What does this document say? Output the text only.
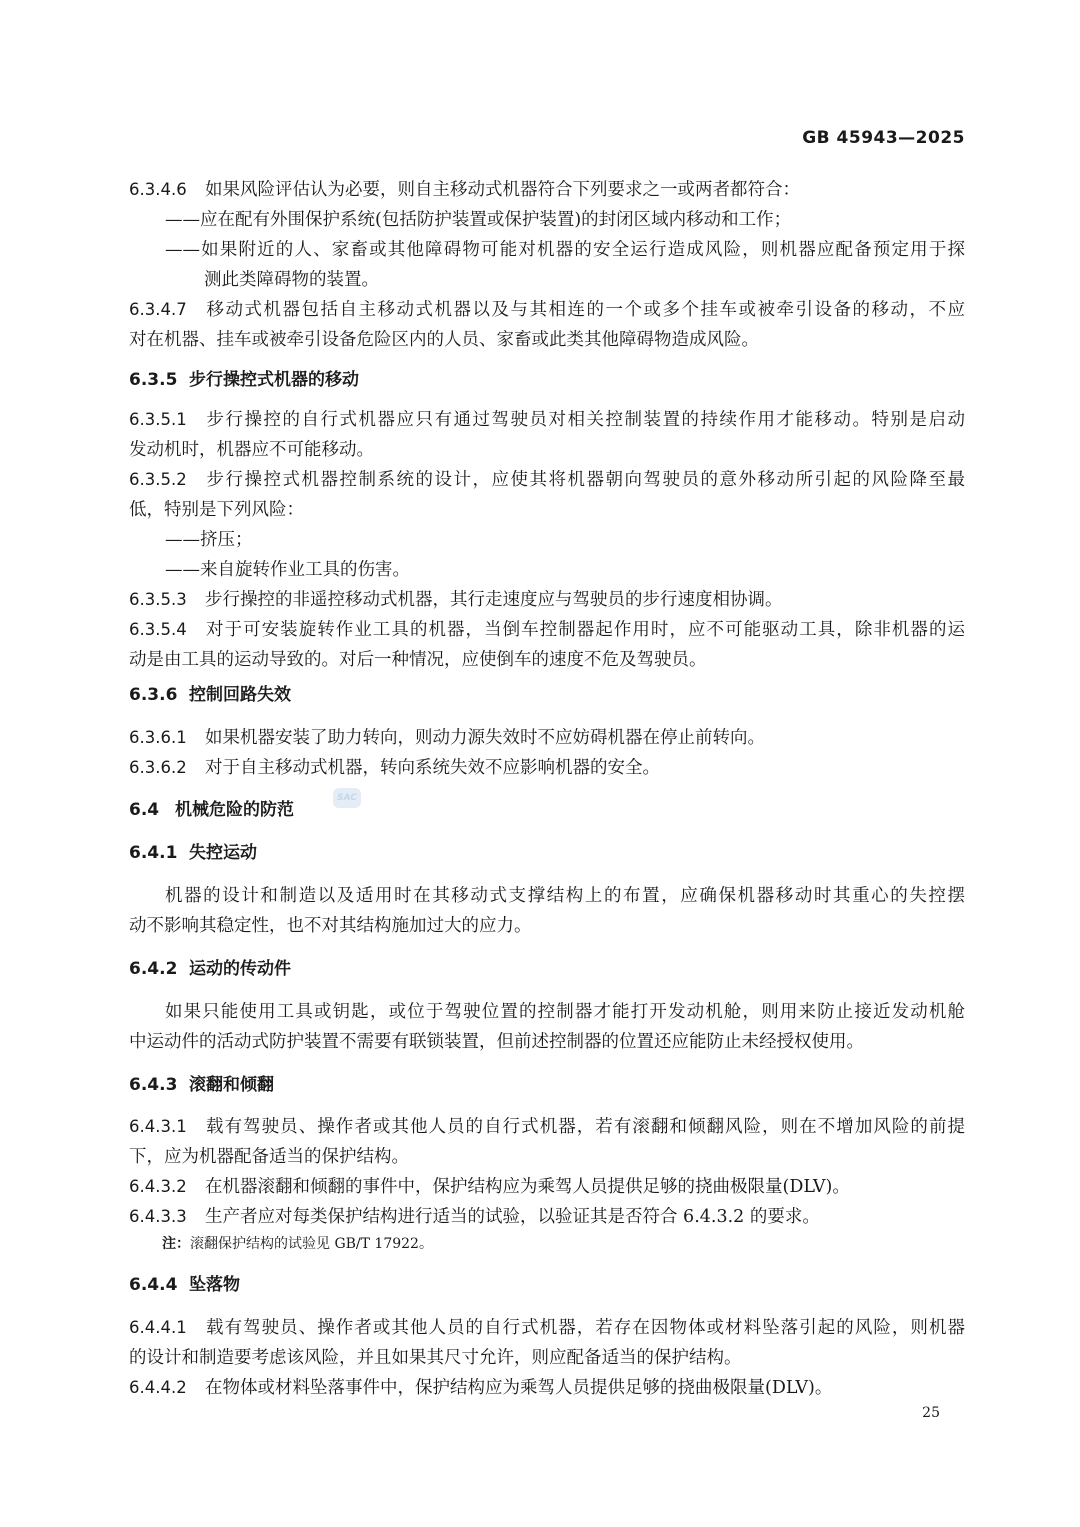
GB 45943—2025
SAC
6.3.4.6 如果风险评估认为必要，则自主移动式机器符合下列要求之一或两者都符合：
——应在配有外围保护系统(包括防护装置或保护装置)的封闭区域内移动和工作；
——如果附近的人、家畜或其他障碍物可能对机器的安全运行造成风险，则机器应配备预定用于探
测此类障碍物的装置。
6.3.4.7 移动式机器包括自主移动式机器以及与其相连的一个或多个挂车或被牵引设备的移动，不应
对在机器、挂车或被牵引设备危险区内的人员、家畜或此类其他障碍物造成风险。
6.3.5 步行操控式机器的移动
6.3.5.1 步行操控的自行式机器应只有通过驾驶员对相关控制装置的持续作用才能移动。特别是启动
发动机时，机器应不可能移动。
6.3.5.2 步行操控式机器控制系统的设计，应使其将机器朝向驾驶员的意外移动所引起的风险降至最
低，特别是下列风险：
——挤压；
——来自旋转作业工具的伤害。
6.3.5.3 步行操控的非遥控移动式机器，其行走速度应与驾驶员的步行速度相协调。
6.3.5.4 对于可安装旋转作业工具的机器，当倒车控制器起作用时，应不可能驱动工具，除非机器的运
动是由工具的运动导致的。对后一种情况，应使倒车的速度不危及驾驶员。
6.3.6 控制回路失效
6.3.6.1 如果机器安装了助力转向，则动力源失效时不应妨碍机器在停止前转向。
6.3.6.2 对于自主移动式机器，转向系统失效不应影响机器的安全。
6.4 机械危险的防范
6.4.1 失控运动
机器的设计和制造以及适用时在其移动式支撑结构上的布置，应确保机器移动时其重心的失控摆
动不影响其稳定性，也不对其结构施加过大的应力。
6.4.2 运动的传动件
如果只能使用工具或钥匙，或位于驾驶位置的控制器才能打开发动机舱，则用来防止接近发动机舱
中运动件的活动式防护装置不需要有联锁装置，但前述控制器的位置还应能防止未经授权使用。
6.4.3 滚翻和倾翻
6.4.3.1 载有驾驶员、操作者或其他人员的自行式机器，若有滚翻和倾翻风险，则在不增加风险的前提
下，应为机器配备适当的保护结构。
6.4.3.2 在机器滚翻和倾翻的事件中，保护结构应为乘驾人员提供足够的挠曲极限量(DLV)。
6.4.3.3 生产者应对每类保护结构进行适当的试验，以验证其是否符合 6.4.3.2 的要求。
注：滚翻保护结构的试验见 GB/T 17922。
6.4.4 坠落物
6.4.4.1 载有驾驶员、操作者或其他人员的自行式机器，若存在因物体或材料坠落引起的风险，则机器
的设计和制造要考虑该风险，并且如果其尺寸允许，则应配备适当的保护结构。
6.4.4.2 在物体或材料坠落事件中，保护结构应为乘驾人员提供足够的挠曲极限量(DLV)。
25
